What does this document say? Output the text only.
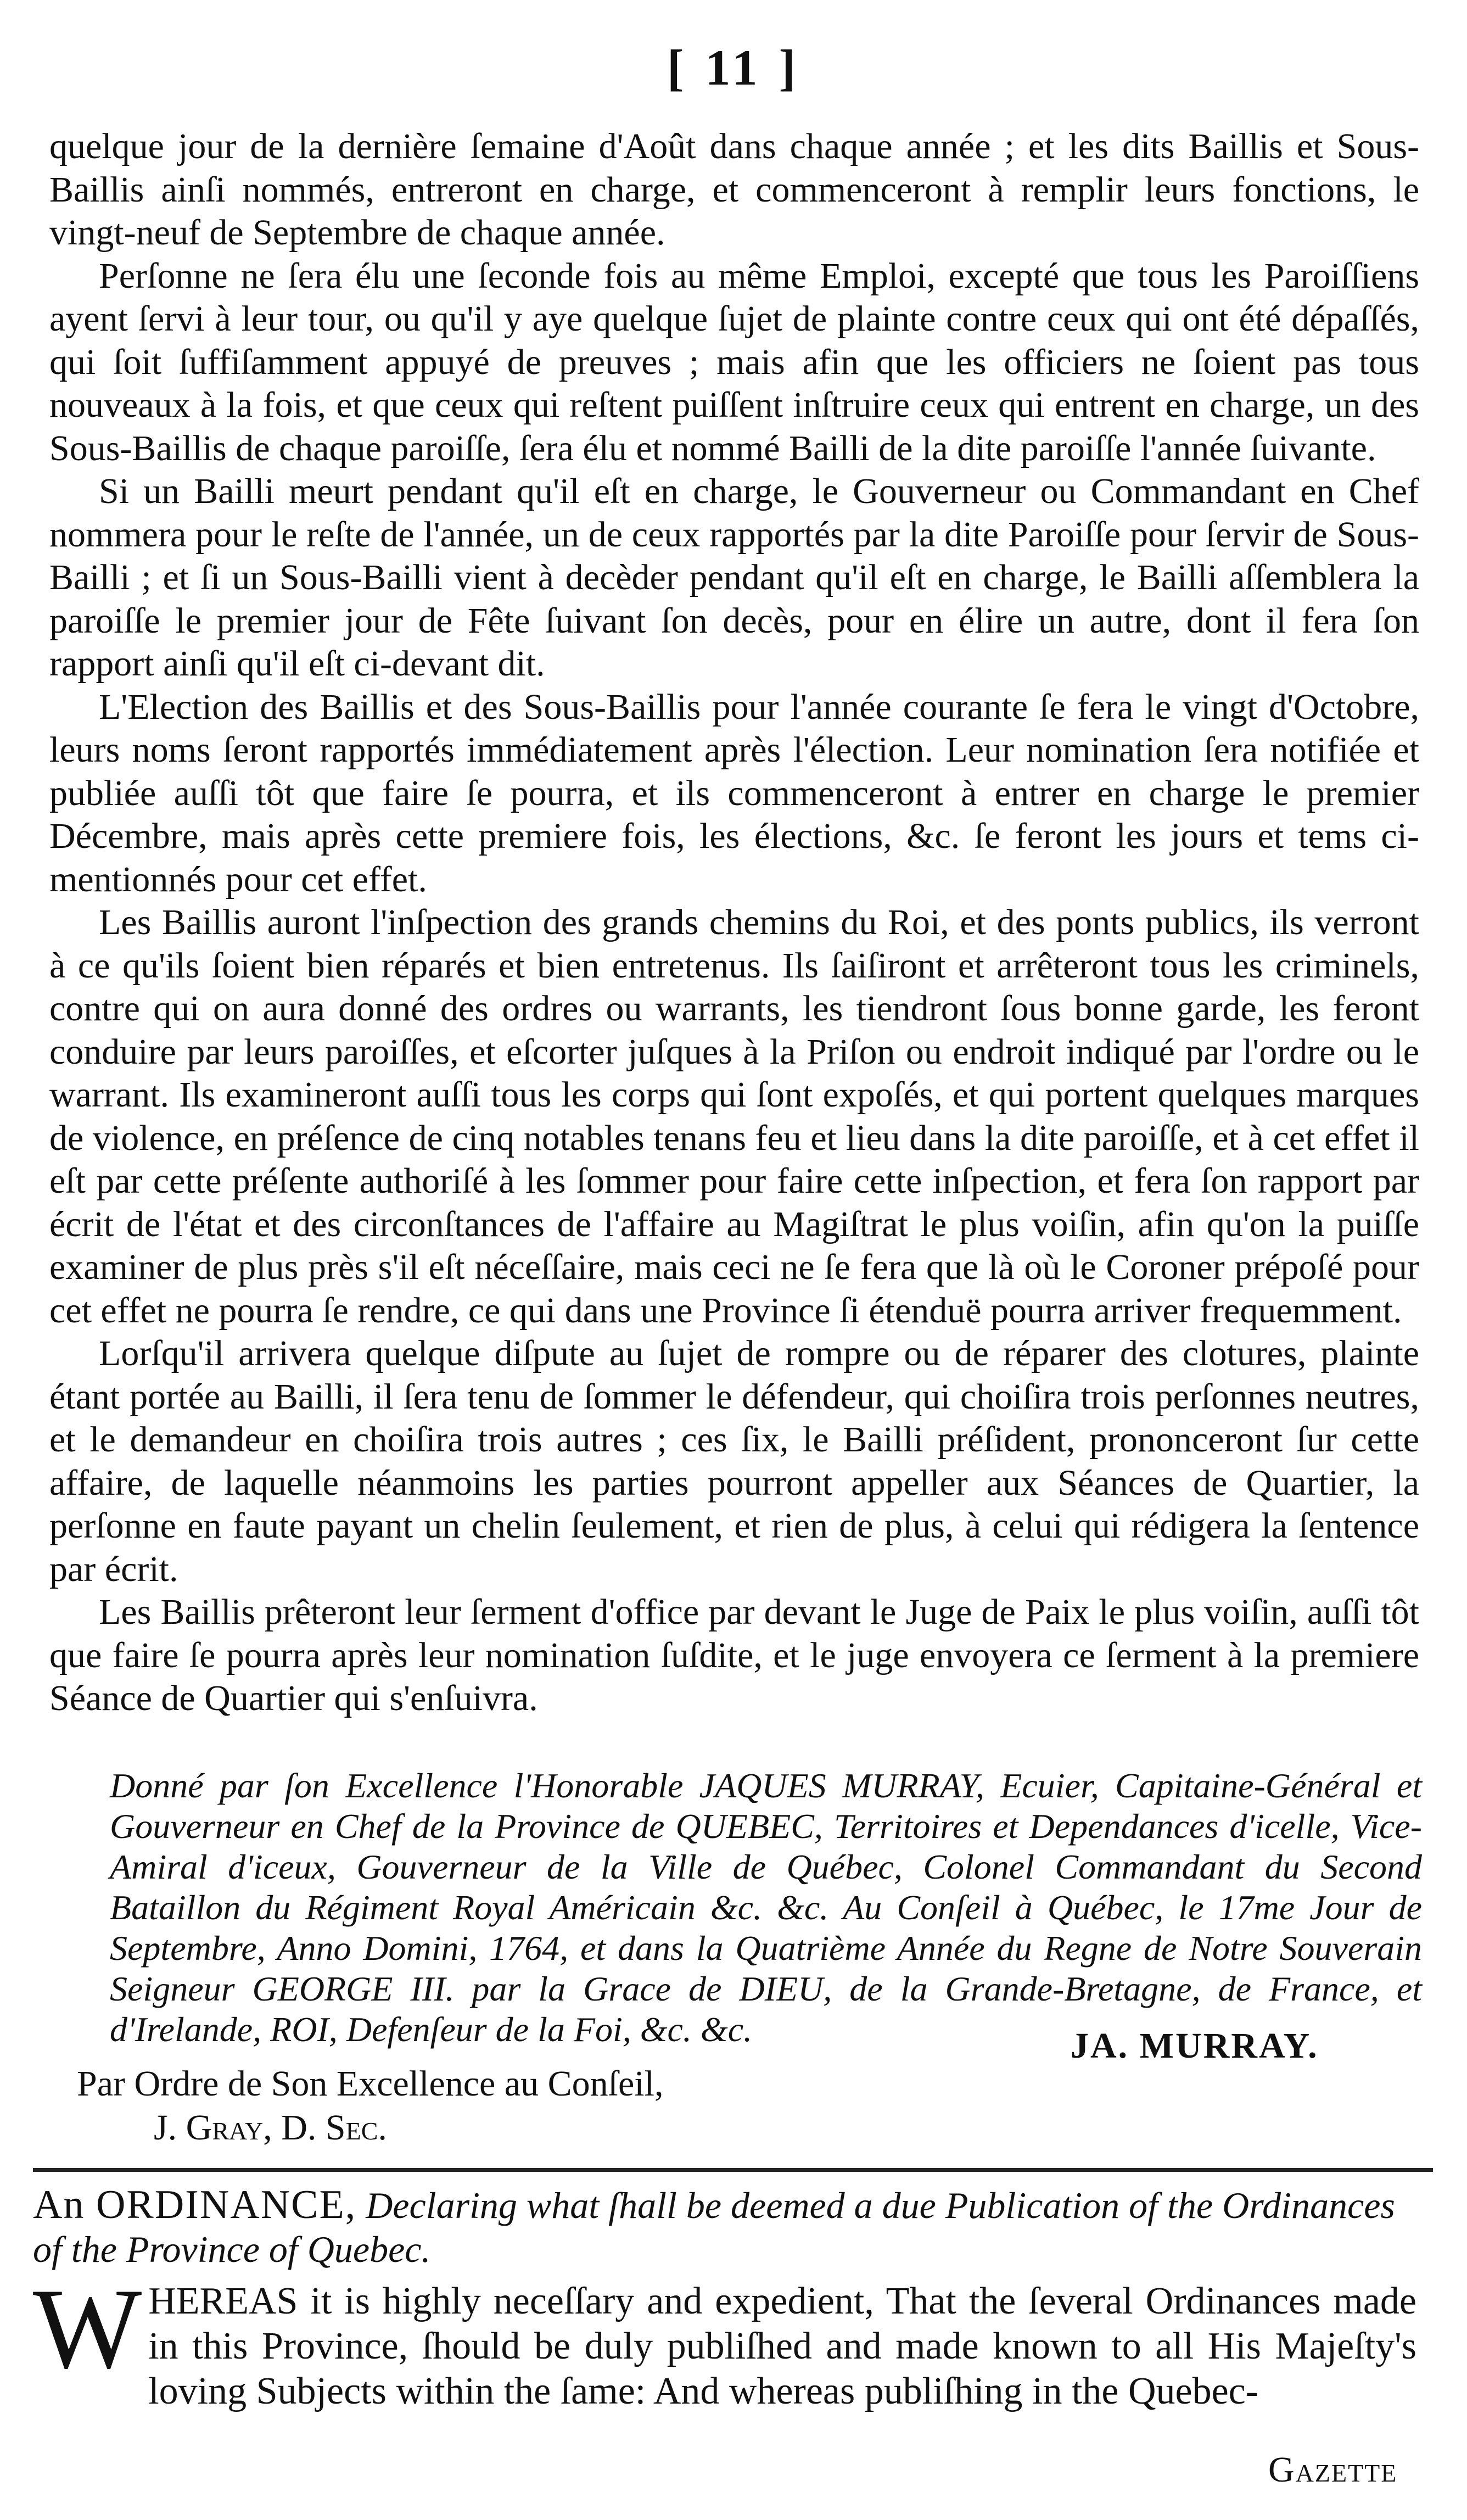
[ 11 ]

quelque jour de la dernière ſemaine d'Août dans chaque année ; et les dits Baillis et Sous-Baillis ainſi nommés, entreront en charge, et commenceront à remplir leurs fonctions, le vingt-neuf de Septembre de chaque année.

Perſonne ne ſera élu une ſeconde fois au même Emploi, excepté que tous les Paroiſſiens ayent ſervi à leur tour, ou qu'il y aye quelque ſujet de plainte contre ceux qui ont été dépaſſés, qui ſoit ſuffiſamment appuyé de preuves ; mais afin que les officiers ne ſoient pas tous nouveaux à la fois, et que ceux qui reſtent puiſſent inſtruire ceux qui entrent en charge, un des Sous-Baillis de chaque paroiſſe, ſera élu et nommé Bailli de la dite paroiſſe l'année ſuivante.

Si un Bailli meurt pendant qu'il eſt en charge, le Gouverneur ou Commandant en Chef nommera pour le reſte de l'année, un de ceux rapportés par la dite Paroiſſe pour ſervir de Sous-Bailli ; et ſi un Sous-Bailli vient à decèder pendant qu'il eſt en charge, le Bailli aſſemblera la paroiſſe le premier jour de Fête ſuivant ſon decès, pour en élire un autre, dont il fera ſon rapport ainſi qu'il eſt ci-devant dit.

L'Election des Baillis et des Sous-Baillis pour l'année courante ſe fera le vingt d'Octobre, leurs noms ſeront rapportés immédiatement après l'élection. Leur nomination ſera notifiée et publiée auſſi tôt que faire ſe pourra, et ils commenceront à entrer en charge le premier Décembre, mais après cette premiere fois, les élections, &c. ſe feront les jours et tems ci-mentionnés pour cet effet.

Les Baillis auront l'inſpection des grands chemins du Roi, et des ponts publics, ils verront à ce qu'ils ſoient bien réparés et bien entretenus. Ils ſaiſiront et arrêteront tous les criminels, contre qui on aura donné des ordres ou warrants, les tiendront ſous bonne garde, les feront conduire par leurs paroiſſes, et eſcorter juſques à la Priſon ou endroit indiqué par l'ordre ou le warrant. Ils examineront auſſi tous les corps qui ſont expoſés, et qui portent quelques marques de violence, en préſence de cinq notables tenans feu et lieu dans la dite paroiſſe, et à cet effet il eſt par cette préſente authoriſé à les ſommer pour faire cette inſpection, et fera ſon rapport par écrit de l'état et des circonſtances de l'affaire au Magiſtrat le plus voiſin, afin qu'on la puiſſe examiner de plus près s'il eſt néceſſaire, mais ceci ne ſe fera que là où le Coroner prépoſé pour cet effet ne pourra ſe rendre, ce qui dans une Province ſi étenduë pourra arriver frequemment.

Lorſqu'il arrivera quelque diſpute au ſujet de rompre ou de réparer des clotures, plainte étant portée au Bailli, il ſera tenu de ſommer le défendeur, qui choiſira trois perſonnes neutres, et le demandeur en choiſira trois autres ; ces ſix, le Bailli préſident, prononceront ſur cette affaire, de laquelle néanmoins les parties pourront appeller aux Séances de Quartier, la perſonne en faute payant un chelin ſeulement, et rien de plus, à celui qui rédigera la ſentence par écrit.

Les Baillis prêteront leur ſerment d'office par devant le Juge de Paix le plus voiſin, auſſi tôt que faire ſe pourra après leur nomination ſuſdite, et le juge envoyera ce ſerment à la premiere Séance de Quartier qui s'enſuivra.

Donné par ſon Excellence l'Honorable JAQUES MURRAY, Ecuier, Capitaine-Général et Gouverneur en Chef de la Province de QUEBEC, Territoires et Dependances d'icelle, Vice-Amiral d'iceux, Gouverneur de la Ville de Québec, Colonel Commandant du Second Bataillon du Régiment Royal Américain &c. &c. Au Conſeil à Québec, le 17me Jour de Septembre, Anno Domini, 1764, et dans la Quatrième Année du Regne de Notre Souverain Seigneur GEORGE III. par la Grace de DIEU, de la Grande-Bretagne, de France, et d'Irelande, ROI, Defenſeur de la Foi, &c. &c.	JA. MURRAY.
Par Ordre de Son Excellence au Conſeil,
J. Gray, D. Sec.
An ORDINANCE, Declaring what ſhall be deemed a due Publication of the Ordinances of the Province of Quebec.
W HEREAS it is highly neceſſary and expedient, That the ſeveral Ordinances made in this Province, ſhould be duly publiſhed and made known to all His Majeſty's loving Subjects within the ſame: And whereas publiſhing in the Quebec-
Gazette
